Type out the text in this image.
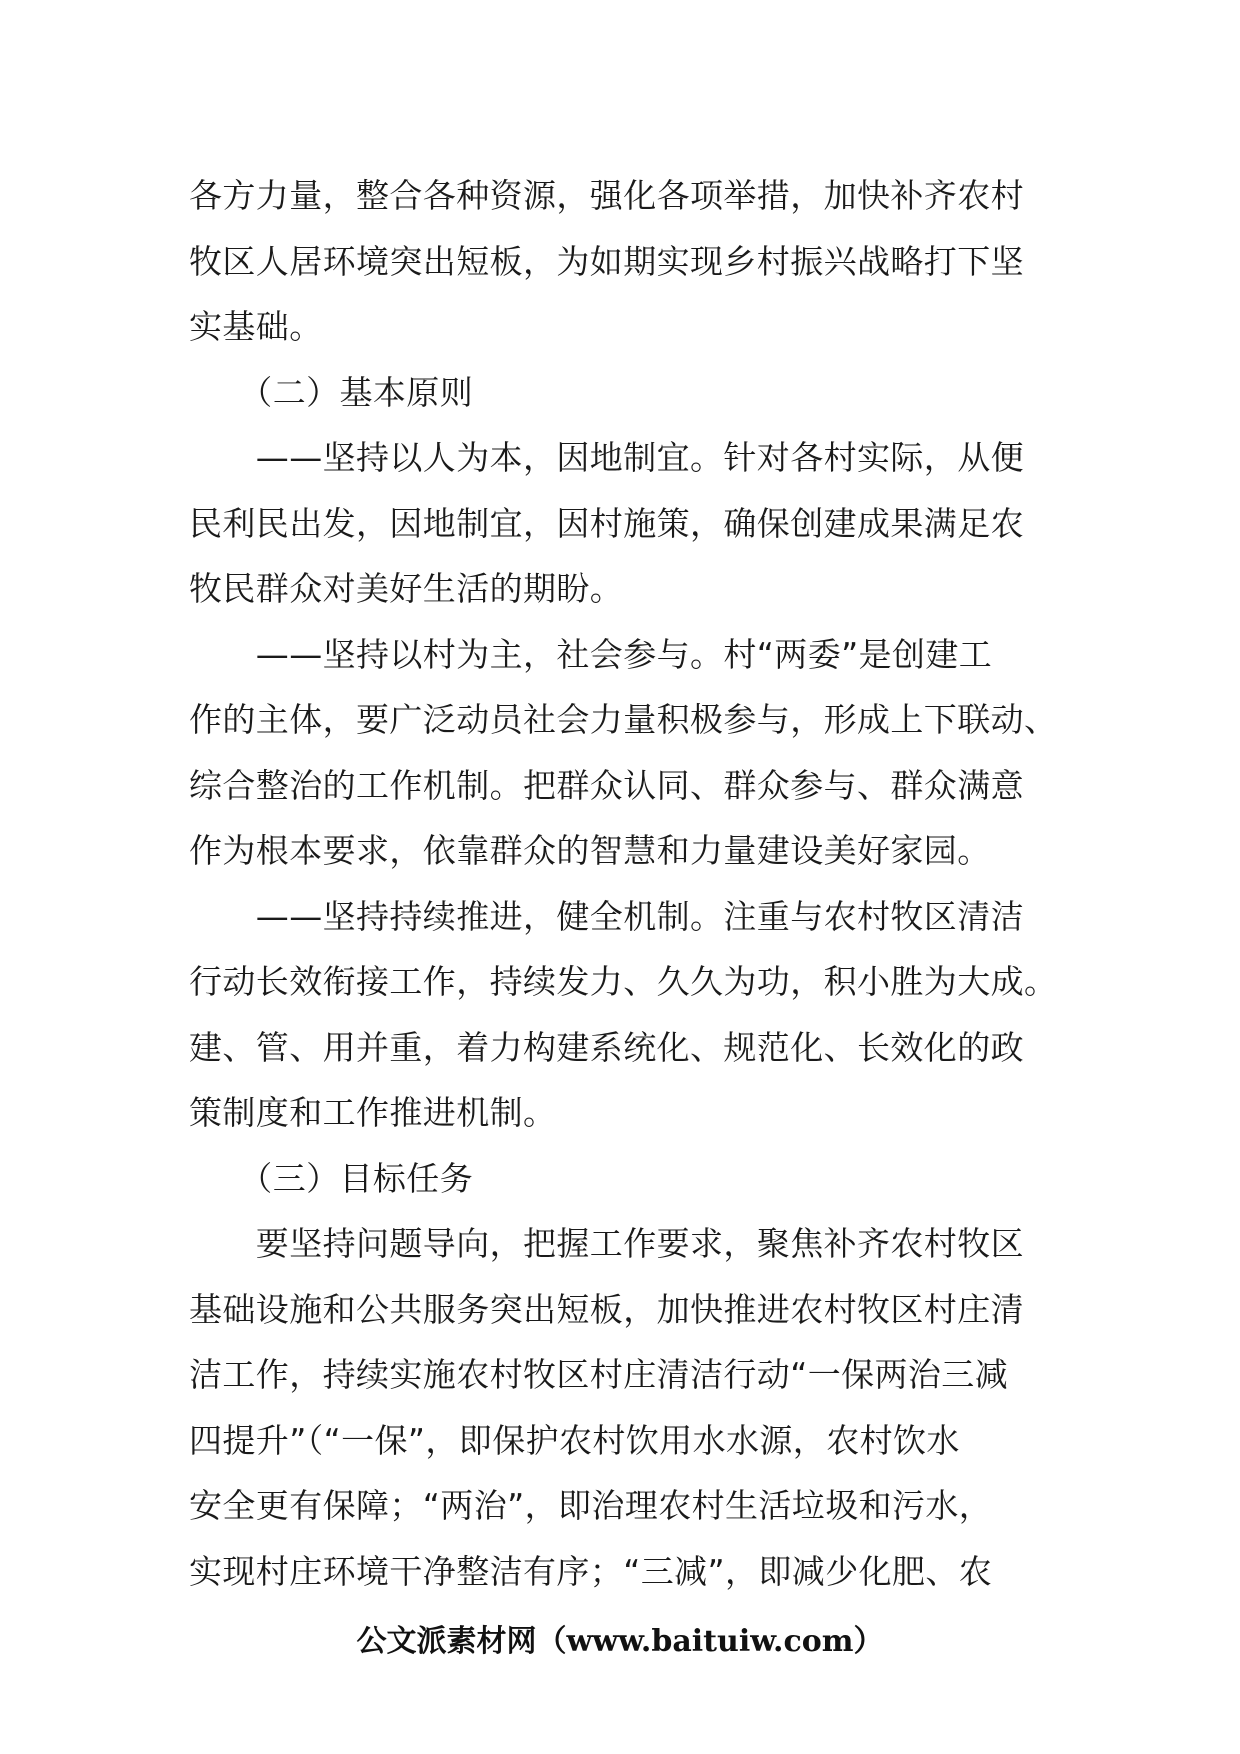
各方力量，整合各种资源，强化各项举措，加快补齐农村
牧区人居环境突出短板，为如期实现乡村振兴战略打下坚
实基础。
　　（二）基本原则
　　——坚持以人为本，因地制宜。针对各村实际，从便
民利民出发，因地制宜，因村施策，确保创建成果满足农
牧民群众对美好生活的期盼。
　　——坚持以村为主，社会参与。村“两委”是创建工
作的主体，要广泛动员社会力量积极参与，形成上下联动、
综合整治的工作机制。把群众认同、群众参与、群众满意
作为根本要求，依靠群众的智慧和力量建设美好家园。
　　——坚持持续推进，健全机制。注重与农村牧区清洁
行动长效衔接工作，持续发力、久久为功，积小胜为大成。
建、管、用并重，着力构建系统化、规范化、长效化的政
策制度和工作推进机制。
　　（三）目标任务
　　要坚持问题导向，把握工作要求，聚焦补齐农村牧区
基础设施和公共服务突出短板，加快推进农村牧区村庄清
洁工作，持续实施农村牧区村庄清洁行动“一保两治三减
四提升”（“一保”，即保护农村饮用水水源，农村饮水
安全更有保障；“两治”，即治理农村生活垃圾和污水，
实现村庄环境干净整洁有序；“三减”，即减少化肥、农
公文派素材网（www.baituiw.com）
